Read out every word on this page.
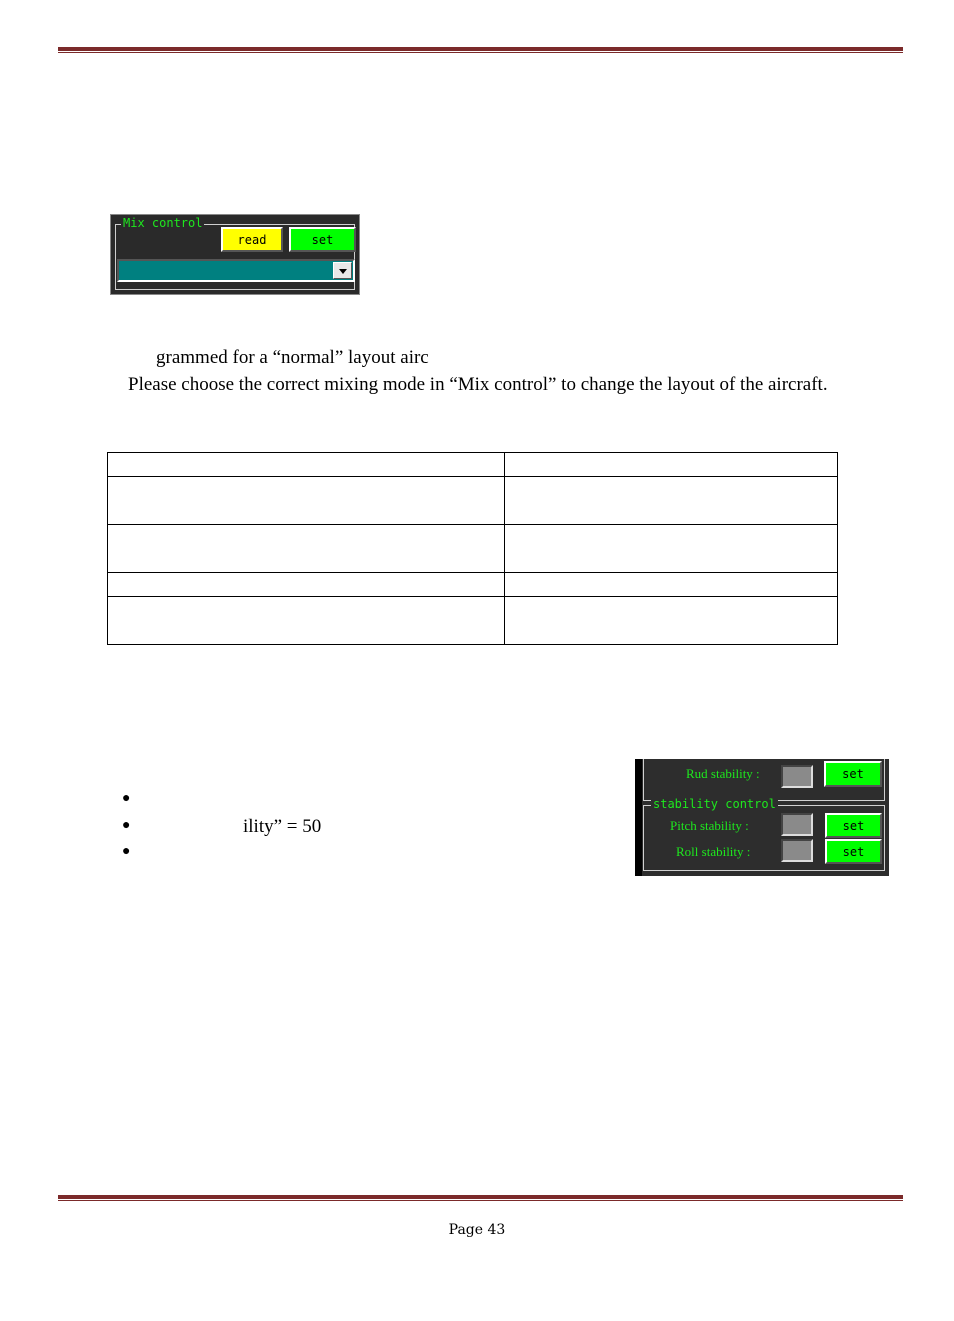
Mix control
read	set
grammed for a “normal” layout airc
Please choose the correct mixing mode in “Mix control” to change the layout of the aircraft.

●
●	ility” = 50
●
Rud stability :	set
stability control
Pitch stability :	set
Roll stability :	set
Page 43
